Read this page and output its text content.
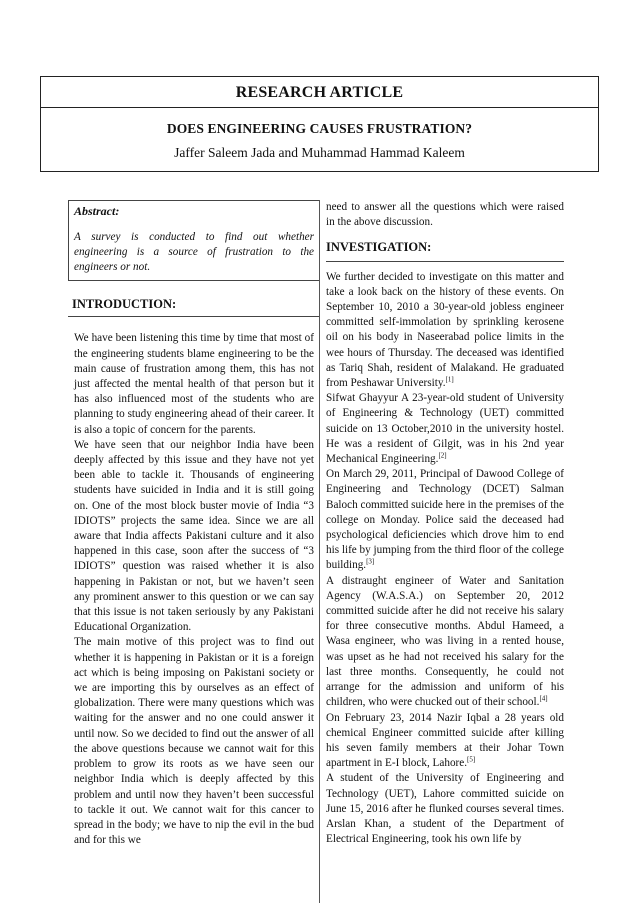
RESEARCH ARTICLE
DOES ENGINEERING CAUSES FRUSTRATION?
Jaffer Saleem Jada and Muhammad Hammad Kaleem

Abstract:

A survey is conducted to find out whether engineering is a source of frustration to the engineers or not.

INTRODUCTION:

We have been listening this time by time that most of the engineering students blame engineering to be the main cause of frustration among them, this has not just affected the mental health of that person but it has also influenced most of the students who are planning to study engineering ahead of their career. It is also a topic of concern for the parents.

We have seen that our neighbor India have been deeply affected by this issue and they have not yet been able to tackle it. Thousands of engineering students have suicided in India and it is still going on. One of the most block buster movie of India “3 IDIOTS” projects the same idea. Since we are all aware that India affects Pakistani culture and it also happened in this case, soon after the success of “3 IDIOTS” question was raised whether it is also happening in Pakistan or not, but we haven’t seen any prominent answer to this question or we can say that this issue is not taken seriously by any Pakistani Educational Organization.

The main motive of this project was to find out whether it is happening in Pakistan or it is a foreign act which is being imposing on Pakistani society or we are importing this by ourselves as an effect of globalization. There were many questions which was waiting for the answer and no one could answer it until now. So we decided to find out the answer of all the above questions because we cannot wait for this problem to grow its roots as we have seen our neighbor India which is deeply affected by this problem and until now they haven’t been successful to tackle it out. We cannot wait for this cancer to spread in the body; we have to nip the evil in the bud and for this we

need to answer all the questions which were raised in the above discussion.

INVESTIGATION:

We further decided to investigate on this matter and take a look back on the history of these events. On September 10, 2010 a 30-year-old jobless engineer committed self-immolation by sprinkling kerosene oil on his body in Naseerabad police limits in the wee hours of Thursday. The deceased was identified as Tariq Shah, resident of Malakand. He graduated from Peshawar University.[1]

Sifwat Ghayyur A 23-year-old student of University of Engineering & Technology (UET) committed suicide on 13 October,2010 in the university hostel. He was a resident of Gilgit, was in his 2nd year Mechanical Engineering.[2]

On March 29, 2011, Principal of Dawood College of Engineering and Technology (DCET) Salman Baloch committed suicide here in the premises of the college on Monday. Police said the deceased had psychological deficiencies which drove him to end his life by jumping from the third floor of the college building.[3]

A distraught engineer of Water and Sanitation Agency (W.A.S.A.) on September 20, 2012 committed suicide after he did not receive his salary for three consecutive months. Abdul Hameed, a Wasa engineer, who was living in a rented house, was upset as he had not received his salary for the last three months. Consequently, he could not arrange for the admission and uniform of his children, who were chucked out of their school.[4]

On February 23, 2014 Nazir Iqbal a 28 years old chemical Engineer committed suicide after killing his seven family members at their Johar Town apartment in E-I block, Lahore.[5]

A student of the University of Engineering and Technology (UET), Lahore committed suicide on June 15, 2016 after he flunked courses several times. Arslan Khan, a student of the Department of Electrical Engineering, took his own life by
